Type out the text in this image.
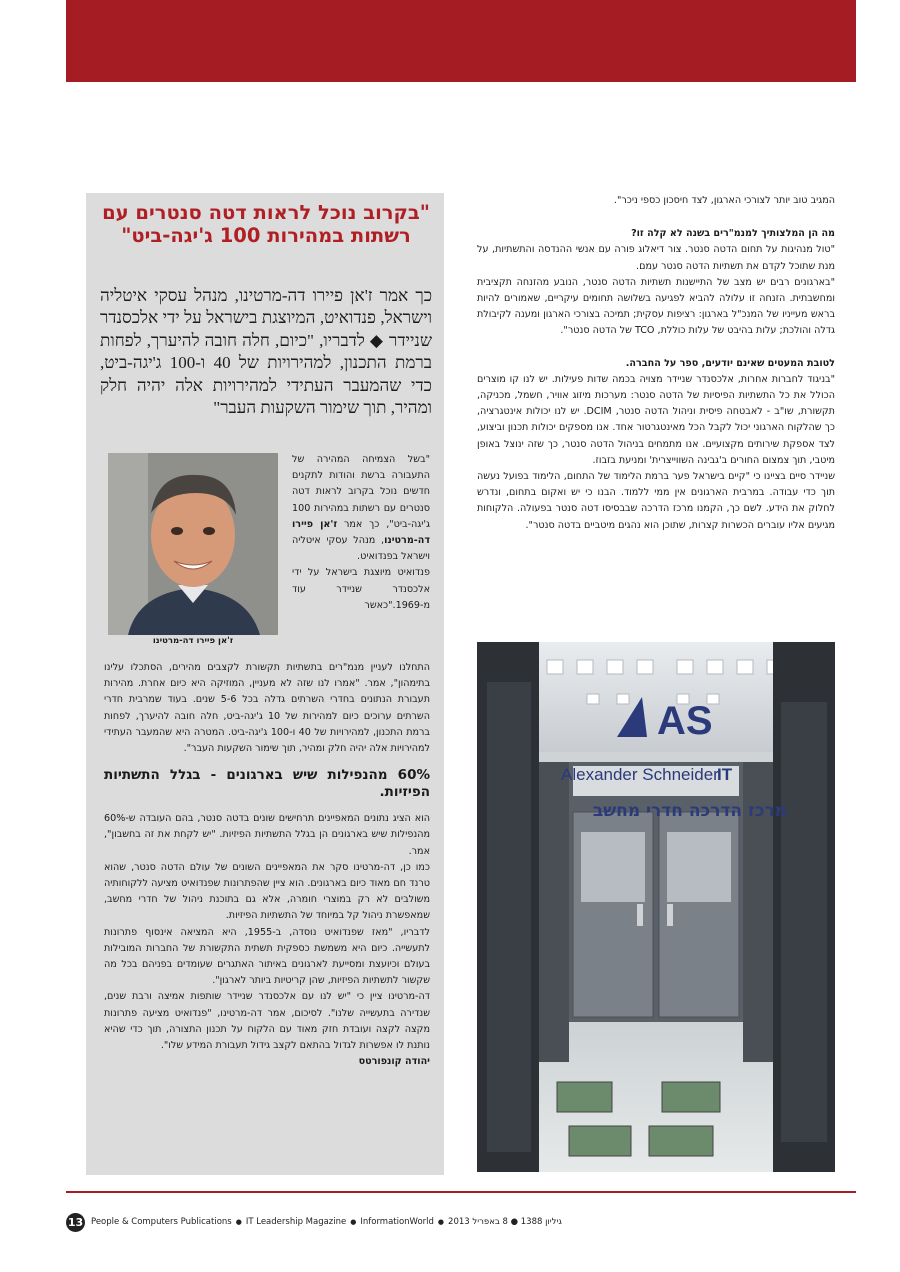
המגיב טוב יותר לצורכי הארגון, לצד חיסכון כספי ניכר".

מה הן המלצותיך למנמ"רים בשנה לא קלה זו?

"טול מנהיגות על תחום הדטה סנטר. צור דיאלוג פורה עם אנשי ההנדסה והתשתיות, על מנת שתוכל לקדם את תשתיות הדטה סנטר עמם.

"בארגונים רבים יש מצב של התיישנות תשתיות הדטה סנטר, הנובע מהזנחה תקציבית ומחשבתית. הזנחה זו עלולה להביא לפגיעה בשלושה תחומים עיקריים, שאמורים להיות בראש מעייניו של המנכ"ל בארגון: רציפות עסקית; תמיכה בצורכי הארגון ומענה לקיבולת גדלה והולכת; עלות בהיבט של עלות כוללת, TCO של הדטה סנטר".

לטובת המעטים שאינם יודעים, ספר על החברה.

"בניגוד לחברות אחרות, אלכסנדר שניידר מצויה בכמה שדות פעילות. יש לנו קו מוצרים הכולל את כל התשתיות הפיסיות של הדטה סנטר: מערכות מיזוג אוויר, חשמל, מכניקה, תקשורת, שו"ב - לאבטחה פיסית וניהול הדטה סנטר, DCIM. יש לנו יכולות אינטגרציה, כך שהלקוח הארגוני יכול לקבל הכל מאינטגרטור אחד. אנו מספקים יכולות תכנון וביצוע, לצד אספקת שירותים מקצועיים. אנו מתמחים בניהול הדטה סנטר, כך שזה ינוצל באופן מיטבי, תוך צמצום החורים ב'גבינה השווייצרית' ומניעת בזבוז.

שניידר סיים בציינו כי "קיים בישראל פער ברמת הלימוד של התחום, הלימוד בפועל נעשה תוך כדי עבודה. במרבית הארגונים אין ממי ללמוד. הבנו כי יש ואקום בתחום, ונדרש לחלוק את הידע. לשם כך, הקמנו מרכז הדרכה שבבסיסו דטה סנטר בפעולה. הלקוחות מגיעים אליו עוברים הכשרות קצרות, שתוכן הוא נהגים מיטביים בדטה סנטר".

AS
Alexander Schneider
IT
מרכז הדרכה חדרי מחשב
"בקרוב נוכל לראות דטה סנטרים עם רשתות במהירות 100 ג'יגה-ביט"
כך אמר ז'אן פיירו דה-מרטינו, מנהל עסקי איטליה וישראל, פנדואיט, המיוצגת בישראל על ידי אלכסנדר שניידר ◆ לדבריו, "כיום, חלה חובה להיערך, לפחות ברמת התכנון, למהירויות של 40 ו-100 ג'יגה-ביט, כדי שהמעבר העתידי למהירויות אלה יהיה חלק ומהיר, תוך שימור השקעות העבר"
ז'אן פיירו דה-מרטינו

"בשל הצמיחה המהירה של התעבורה ברשת והודות לתקנים חדשים נוכל בקרוב לראות דטה סנטרים עם רשתות במהירות 100 ג'יגה-ביט", כך אמר ז'אן פיירו דה-מרטינו, מנהל עסקי איטליה וישראל בפנדואיט.

פנדואיט מיוצגת בישראל על ידי אלכסנדר שניידר עוד מ-1969."כאשר

התחלנו לעניין מנמ"רים בתשתיות תקשורת לקצבים מהירים, הסתכלו עלינו בתימהון", אמר. "אמרו לנו שזה לא מעניין, המוזיקה היא כיום אחרת. מהירות תעבורת הנתונים בחדרי השרתים גדלה בכל 5-6 שנים. בעוד שמרבית חדרי השרתים ערוכים כיום למהירות של 10 ג'יגה-ביט, חלה חובה להיערך, לפחות ברמת התכנון, למהירויות של 40 ו-100 ג'יגה-ביט. המטרה היא שהמעבר העתידי למהירויות אלה יהיה חלק ומהיר, תוך שימור השקעות העבר".

60% מהנפילות שיש בארגונים - בגלל התשתיות הפיזיות.

הוא הציג נתונים המאפיינים תרחישים שונים בדטה סנטר, בהם העובדה ש-60% מהנפילות שיש בארגונים הן בגלל התשתיות הפיזיות. "יש לקחת את זה בחשבון", אמר.

כמו כן, דה-מרטינו סקר את המאפיינים השונים של עולם הדטה סנטר, שהוא טרנד חם מאוד כיום בארגונים. הוא ציין שהפתרונות שפנדואיט מציעה ללקוחותיה משולבים לא רק במוצרי חומרה, אלא גם בתוכנת ניהול של חדרי מחשב, שמאפשרת ניהול קל במיוחד של התשתיות הפיזיות.

לדבריו, "מאז שפנדואיט נוסדה, ב-1955, היא המציאה אינסוף פתרונות לתעשייה. כיום היא משמשת כספקית תשתית התקשורת של החברות המובילות בעולם וכיועצת ומסייעת לארגונים באיתור האתגרים שעומדים בפניהם בכל מה שקשור לתשתיות הפיזיות, שהן קריטיות ביותר לארגון".

דה-מרטינו ציין כי "יש לנו עם אלכסנדר שניידר שותפות אמיצה ורבת שנים, שנדירה בתעשייה שלנו". לסיכום, אמר דה-מרטינו, "פנדואיט מציעה פתרונות מקצה לקצה ועובדת חזק מאוד עם הלקוח על תכנון התצורה, תוך כדי שהיא נותנת לו אפשרות לגדול בהתאם לקצב גידול תעבורת המידע שלו".

יהודה קונפורטס

13 People & Computers Publications ● IT Leadership Magazine ● InformationWorld ● גיליון 1388 ● 8 באפריל 2013
